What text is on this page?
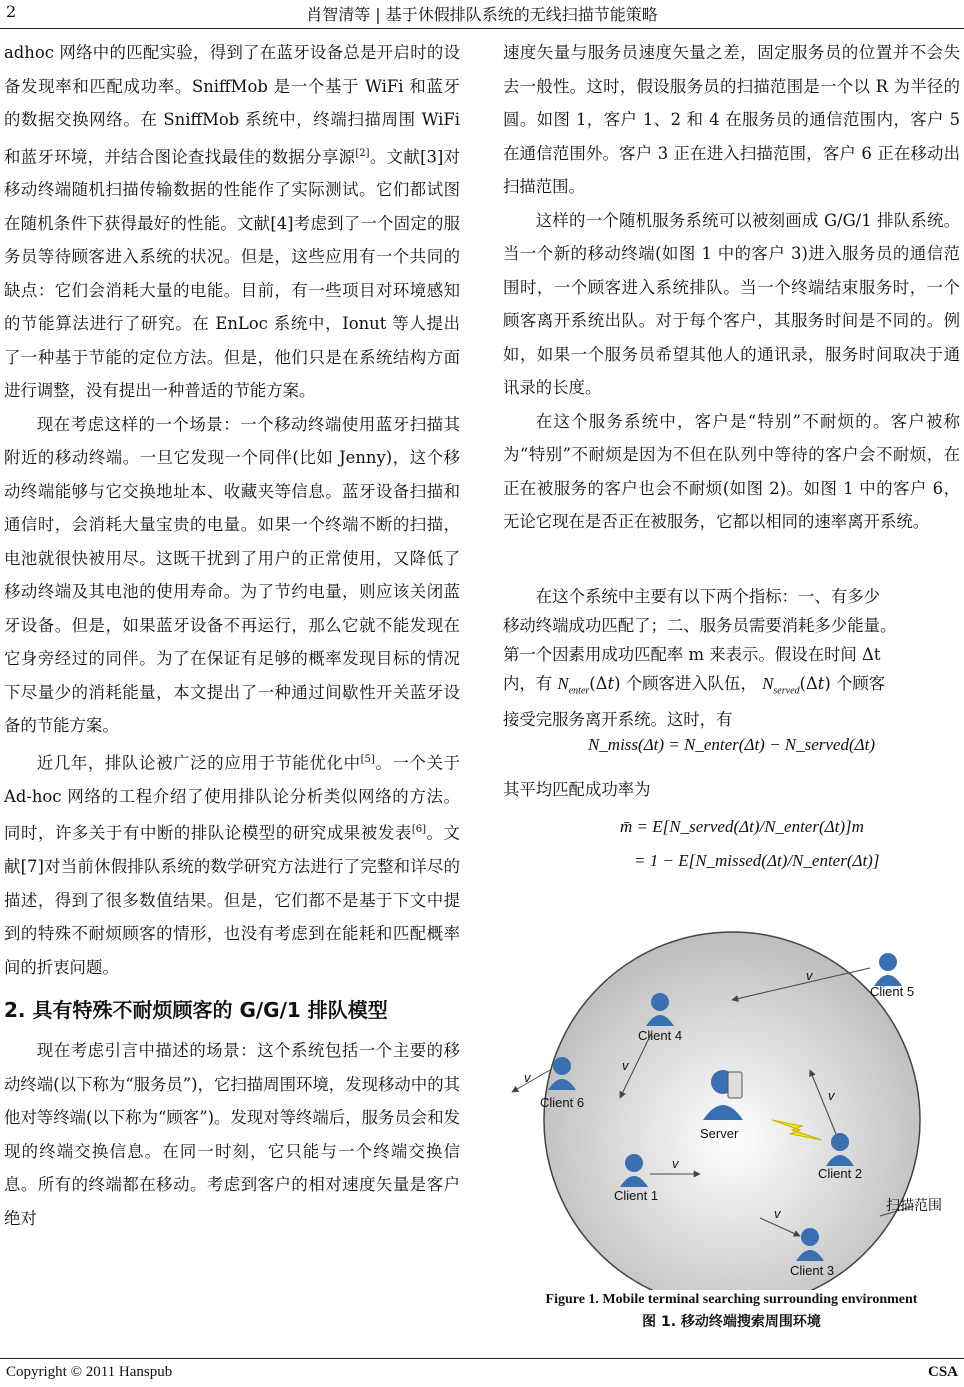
2	肖智清等 | 基于休假排队系统的无线扫描节能策略

adhoc 网络中的匹配实验，得到了在蓝牙设备总是开启时的设备发现率和匹配成功率。SniffMob 是一个基于 WiFi 和蓝牙的数据交换网络。在 SniffMob 系统中，终端扫描周围 WiFi 和蓝牙环境，并结合图论查找最佳的数据分享源[2]。文献[3]对移动终端随机扫描传输数据的性能作了实际测试。它们都试图在随机条件下获得最好的性能。文献[4]考虑到了一个固定的服务员等待顾客进入系统的状况。但是，这些应用有一个共同的缺点：它们会消耗大量的电能。目前，有一些项目对环境感知的节能算法进行了研究。在 EnLoc 系统中，Ionut 等人提出了一种基于节能的定位方法。但是，他们只是在系统结构方面进行调整，没有提出一种普适的节能方案。

现在考虑这样的一个场景：一个移动终端使用蓝牙扫描其附近的移动终端。一旦它发现一个同伴(比如 Jenny)，这个移动终端能够与它交换地址本、收藏夹等信息。蓝牙设备扫描和通信时，会消耗大量宝贵的电量。如果一个终端不断的扫描，电池就很快被用尽。这既干扰到了用户的正常使用，又降低了移动终端及其电池的使用寿命。为了节约电量，则应该关闭蓝牙设备。但是，如果蓝牙设备不再运行，那么它就不能发现在它身旁经过的同伴。为了在保证有足够的概率发现目标的情况下尽量少的消耗能量，本文提出了一种通过间歇性开关蓝牙设备的节能方案。

近几年，排队论被广泛的应用于节能优化中[5]。一个关于 Ad-hoc 网络的工程介绍了使用排队论分析类似网络的方法。同时，许多关于有中断的排队论模型的研究成果被发表[6]。文献[7]对当前休假排队系统的数学研究方法进行了完整和详尽的描述，得到了很多数值结果。但是，它们都不是基于下文中提到的特殊不耐烦顾客的情形，也没有考虑到在能耗和匹配概率间的折衷问题。

2. 具有特殊不耐烦顾客的 G/G/1 排队模型

现在考虑引言中描述的场景：这个系统包括一个主要的移动终端(以下称为“服务员”)，它扫描周围环境，发现移动中的其他对等终端(以下称为“顾客”)。发现对等终端后，服务员会和发现的终端交换信息。在同一时刻，它只能与一个终端交换信息。所有的终端都在移动。考虑到客户的相对速度矢量是客户绝对

速度矢量与服务员速度矢量之差，固定服务员的位置并不会失去一般性。这时，假设服务员的扫描范围是一个以 R 为半径的圆。如图 1，客户 1、2 和 4 在服务员的通信范围内，客户 5 在通信范围外。客户 3 正在进入扫描范围，客户 6 正在移动出扫描范围。

这样的一个随机服务系统可以被刻画成 G/G/1 排队系统。当一个新的移动终端(如图 1 中的客户 3)进入服务员的通信范围时，一个顾客进入系统排队。当一个终端结束服务时，一个顾客离开系统出队。对于每个客户，其服务时间是不同的。例如，如果一个服务员希望其他人的通讯录，服务时间取决于通讯录的长度。

在这个服务系统中，客户是“特别”不耐烦的。客户被称为“特别”不耐烦是因为不但在队列中等待的客户会不耐烦，在正在被服务的客户也会不耐烦(如图 2)。如图 1 中的客户 6，无论它现在是否正在被服务，它都以相同的速率离开系统。

在这个系统中主要有以下两个指标：一、有多少
移动终端成功匹配了；二、服务员需要消耗多少能量。
第一个因素用成功匹配率 m 来表示。假设在时间 Δt
内，有 $N_{enter}(\Delta t)$ 个顾客进入队伍， $N_{served}(\Delta t)$ 个顾客
接受完服务离开系统。这时，有
N_miss(Δt) = N_enter(Δt) − N_served(Δt)
其平均匹配成功率为
m̄ = E[N_served(Δt)/N_enter(Δt)]m
= 1 − E[N_missed(Δt)/N_enter(Δt)]
Server
Client 5
Client 4
Client 6
Client 2
Client 1
Client 3
v
v
v
v
v
v	扫描范围
Figure 1. Mobile terminal searching surrounding environment
图 1. 移动终端搜索周围环境
Copyright © 2011 Hanspub	CSA
